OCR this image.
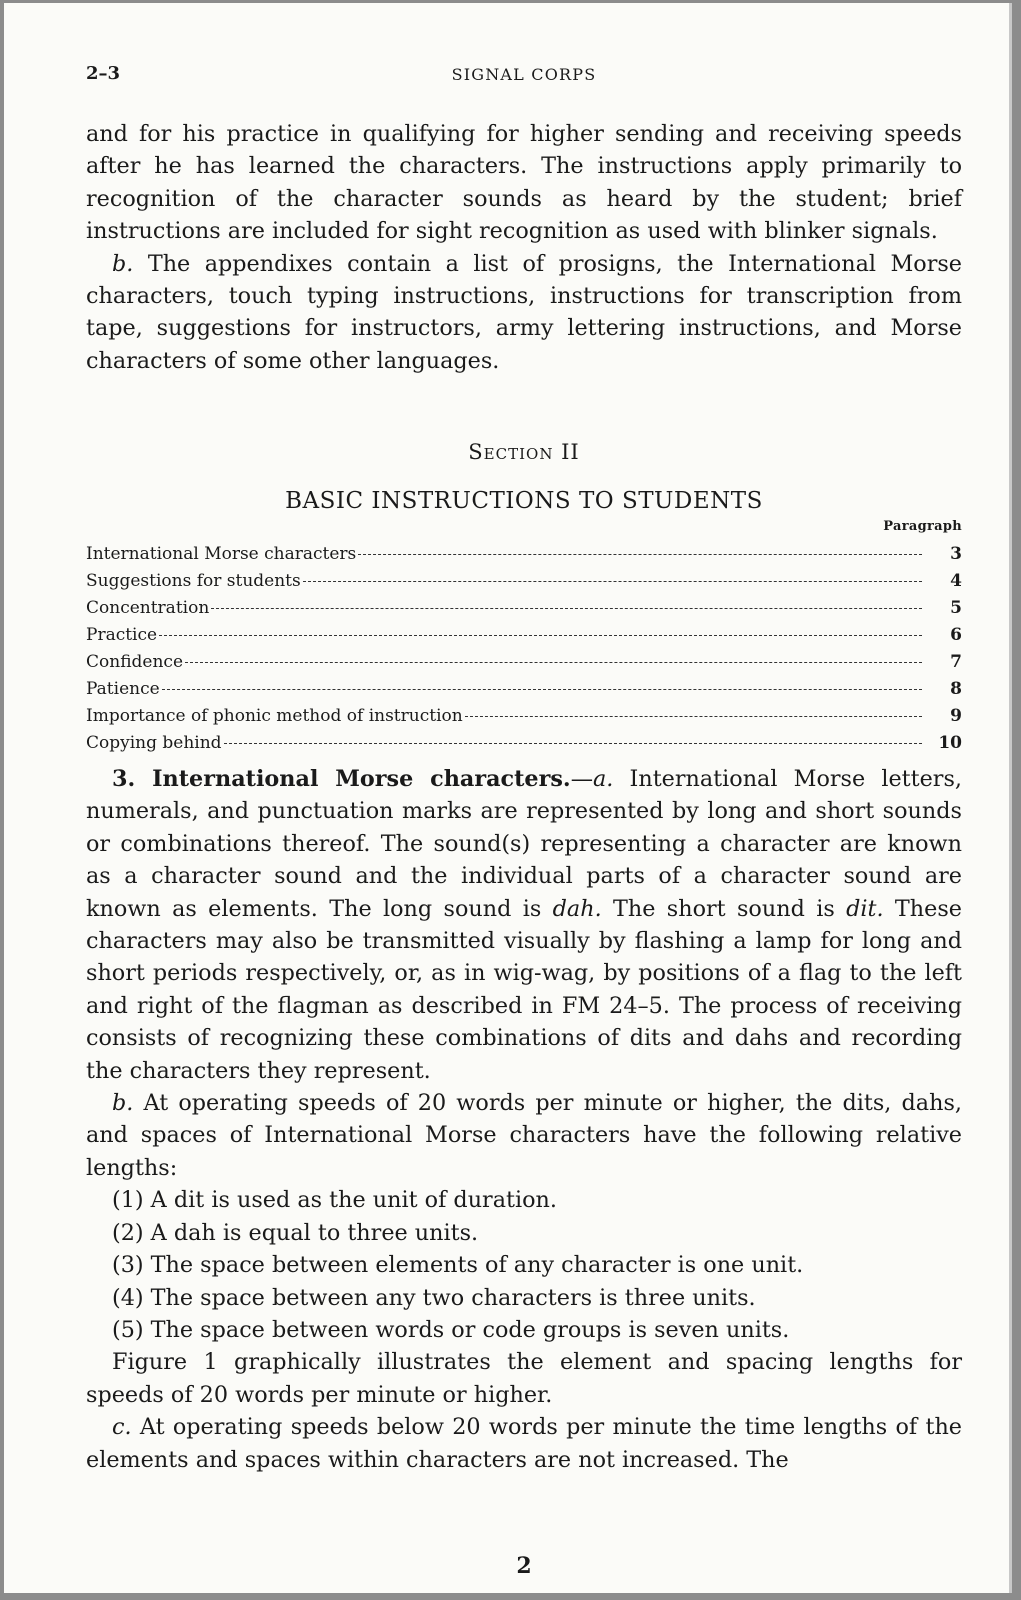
2–3	SIGNAL CORPS

and for his practice in qualifying for higher sending and receiving speeds after he has learned the characters. The instructions apply primarily to recognition of the character sounds as heard by the student; brief instructions are included for sight recognition as used with blinker signals.

b. The appendixes contain a list of prosigns, the International Morse characters, touch typing instructions, instructions for transcription from tape, suggestions for instructors, army lettering instructions, and Morse characters of some other languages.

Section II
BASIC INSTRUCTIONS TO STUDENTS
Paragraph
International Morse characters	3
Suggestions for students	4
Concentration	5
Practice	6
Confidence	7
Patience	8
Importance of phonic method of instruction	9
Copying behind	10

3. International Morse characters.—a. International Morse letters, numerals, and punctuation marks are represented by long and short sounds or combinations thereof. The sound(s) representing a character are known as a character sound and the individual parts of a character sound are known as elements. The long sound is dah. The short sound is dit. These characters may also be transmitted visually by flashing a lamp for long and short periods respectively, or, as in wig-wag, by positions of a flag to the left and right of the flagman as described in FM 24–5. The process of receiving consists of recognizing these combinations of dits and dahs and recording the characters they represent.

b. At operating speeds of 20 words per minute or higher, the dits, dahs, and spaces of International Morse characters have the following relative lengths:

(1) A dit is used as the unit of duration.
(2) A dah is equal to three units.
(3) The space between elements of any character is one unit.
(4) The space between any two characters is three units.
(5) The space between words or code groups is seven units.

Figure 1 graphically illustrates the element and spacing lengths for speeds of 20 words per minute or higher.

c. At operating speeds below 20 words per minute the time lengths of the elements and spaces within characters are not increased. The

2
